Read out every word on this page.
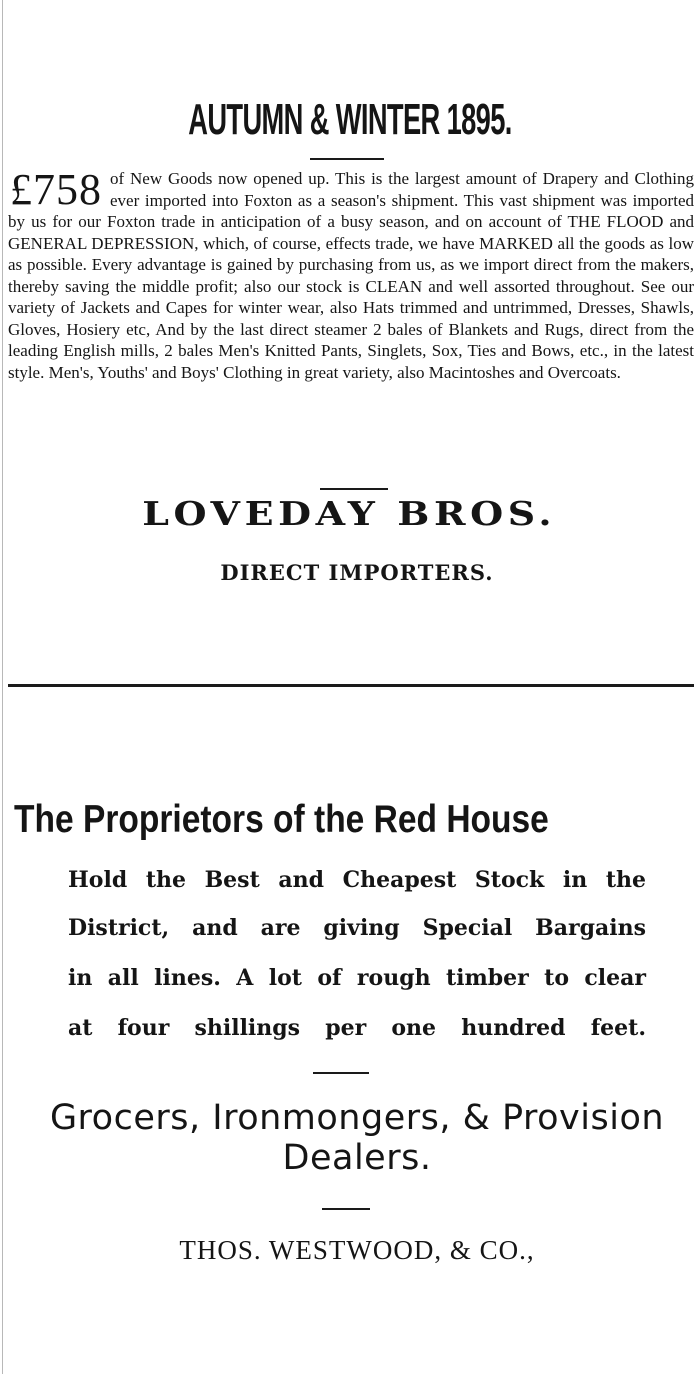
AUTUMN & WINTER 1895.
£758 of New Goods now opened up. This is the largest amount of Drapery and Clothing ever imported into Foxton as a season's shipment. This vast shipment was imported by us for our Foxton trade in anticipation of a busy season, and on account of THE FLOOD and GENERAL DEPRESSION, which, of course, effects trade, we have MARKED all the goods as low as possible. Every advantage is gained by purchasing from us, as we import direct from the makers, thereby saving the middle profit; also our stock is CLEAN and well assorted throughout. See our variety of Jackets and Capes for winter wear, also Hats trimmed and untrimmed, Dresses, Shawls, Gloves, Hosiery etc, And by the last direct steamer 2 bales of Blankets and Rugs, direct from the leading English mills, 2 bales Men's Knitted Pants, Singlets, Sox, Ties and Bows, etc., in the latest style. Men's, Youths' and Boys' Clothing in great variety, also Macintoshes and Overcoats.
LOVEDAY BROS.
DIRECT IMPORTERS.
The Proprietors of the Red House
Hold the Best and Cheapest Stock in the
District, and are giving Special Bargains
in all lines. A lot of rough timber to clear
at four shillings per one hundred feet.
Grocers, Ironmongers, & Provision
Dealers.
THOS. WESTWOOD, & CO.,
